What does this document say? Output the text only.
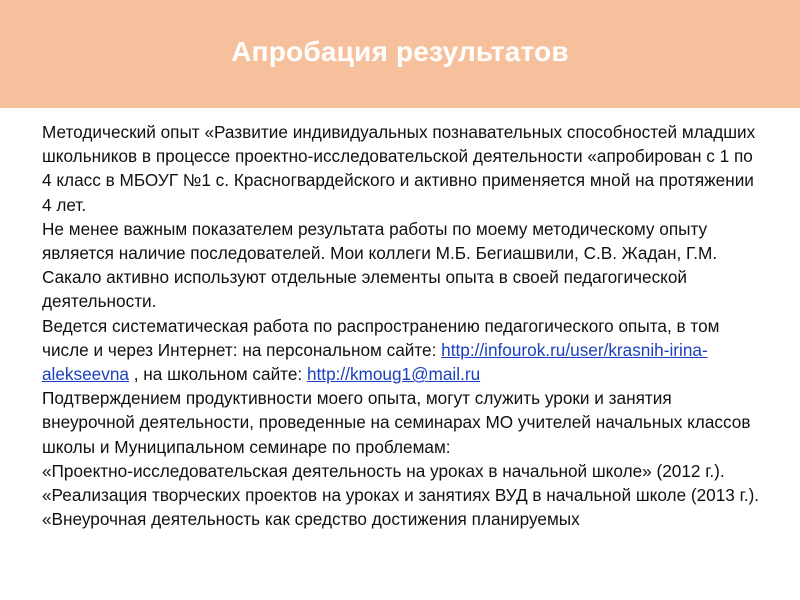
Апробация результатов

Методический опыт «Развитие индивидуальных познавательных способностей младших школьников в процессе проектно-исследовательской деятельности «апробирован с 1 по 4 класс в МБОУГ №1 с. Красногвардейского и активно применяется мной на протяжении 4 лет.

Не менее важным показателем результата работы по моему методическому опыту является наличие последователей. Мои коллеги М.Б. Бегиашвили, С.В. Жадан, Г.М. Сакало активно используют отдельные элементы опыта в своей педагогической деятельности.

Ведется систематическая работа по распространению педагогического опыта, в том числе и через Интернет: на персональном сайте: http://infourok.ru/user/krasnih-irina-alekseevna , на школьном сайте: http://kmoug1@mail.ru

Подтверждением продуктивности моего опыта, могут служить уроки и занятия внеурочной деятельности, проведенные на семинарах МО учителей начальных классов школы и Муниципальном семинаре по проблемам:

«Проектно-исследовательская деятельность на уроках в начальной школе» (2012 г.).

«Реализация творческих проектов на уроках и занятиях ВУД в начальной школе (2013 г.).

«Внеурочная деятельность как средство достижения планируемых
